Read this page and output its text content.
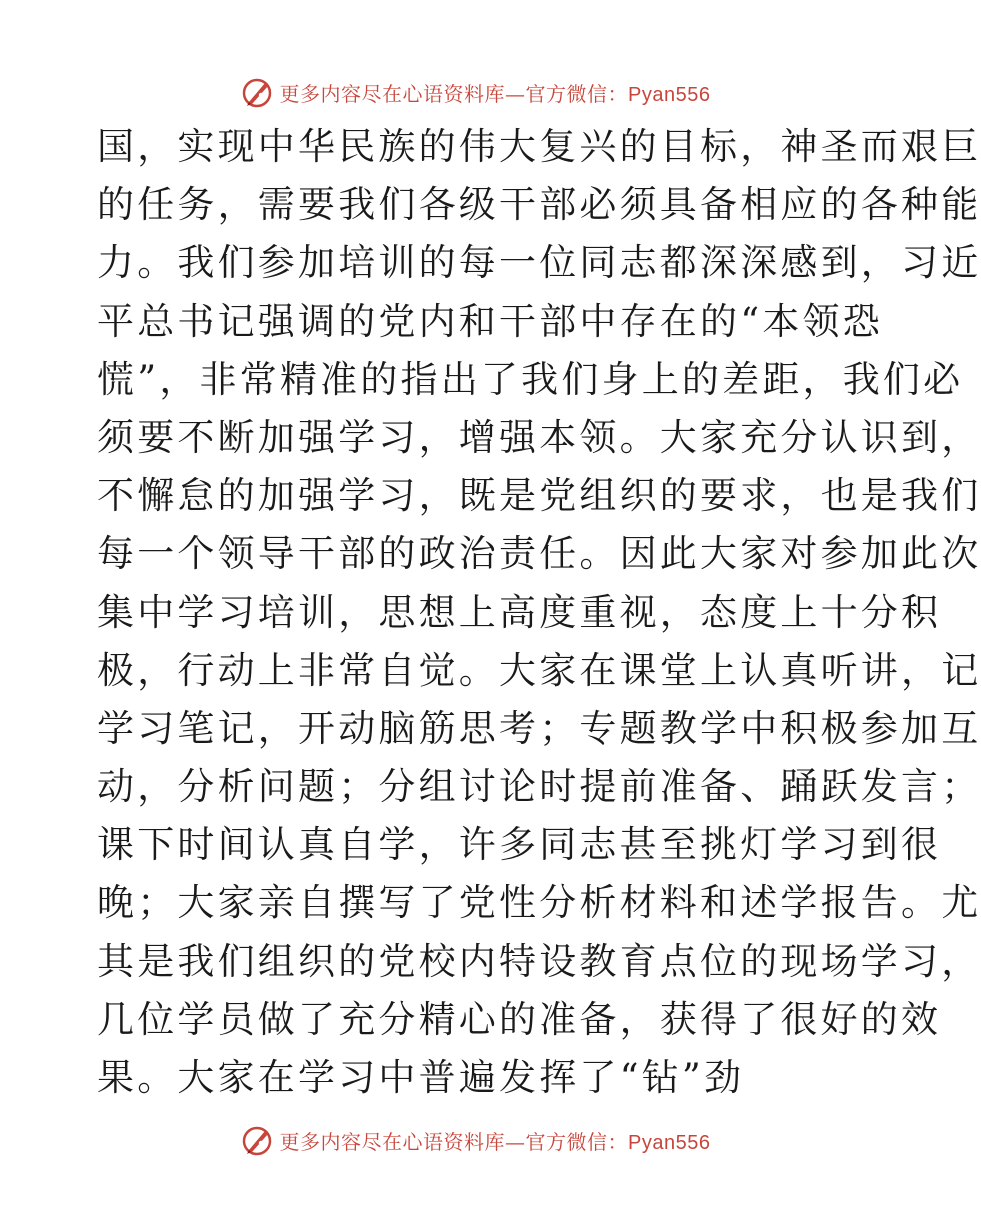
更多内容尽在心语资料库—官方微信：Pyan556
国，实现中华民族的伟大复兴的目标，神圣而艰巨
的任务，需要我们各级干部必须具备相应的各种能
力。我们参加培训的每一位同志都深深感到，习近
平总书记强调的党内和干部中存在的“本领恐
慌”，非常精准的指出了我们身上的差距，我们必
须要不断加强学习，增强本领。大家充分认识到，
不懈怠的加强学习，既是党组织的要求，也是我们
每一个领导干部的政治责任。因此大家对参加此次
集中学习培训，思想上高度重视，态度上十分积
极，行动上非常自觉。大家在课堂上认真听讲，记
学习笔记，开动脑筋思考；专题教学中积极参加互
动，分析问题；分组讨论时提前准备、踊跃发言；
课下时间认真自学，许多同志甚至挑灯学习到很
晚；大家亲自撰写了党性分析材料和述学报告。尤
其是我们组织的党校内特设教育点位的现场学习，
几位学员做了充分精心的准备，获得了很好的效
果。大家在学习中普遍发挥了“钻”劲
更多内容尽在心语资料库—官方微信：Pyan556
